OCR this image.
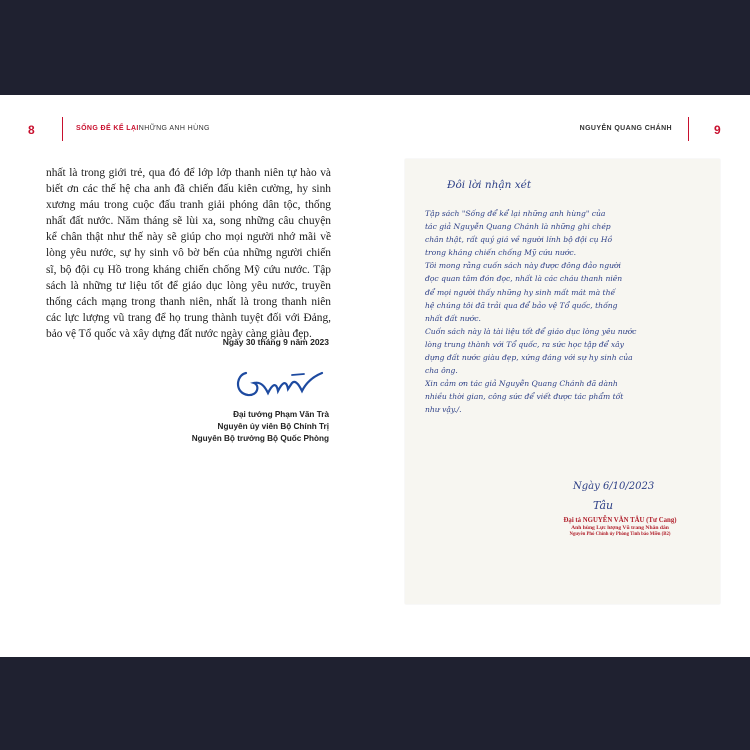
8	SỐNG ĐỂ KỂ LẠINHỮNG ANH HÙNG	NGUYỄN QUANG CHÁNH	9
nhất là trong giới trẻ, qua đó để lớp lớp thanh niên tự hào và biết ơn các thế hệ cha anh đã chiến đấu kiên cường, hy sinh xương máu trong cuộc đấu tranh giải phóng dân tộc, thống nhất đất nước. Năm tháng sẽ lùi xa, song những câu chuyện kể chân thật như thế này sẽ giúp cho mọi người nhớ mãi về lòng yêu nước, sự hy sinh vô bờ bến của những người chiến sĩ, bộ đội cụ Hồ trong kháng chiến chống Mỹ cứu nước. Tập sách là những tư liệu tốt để giáo dục lòng yêu nước, truyền thống cách mạng trong thanh niên, nhất là trong thanh niên các lực lượng vũ trang để họ trung thành tuyệt đối với Đảng, bảo vệ Tổ quốc và xây dựng đất nước ngày càng giàu đẹp.
Ngày 30 tháng 9 năm 2023
Đại tướng Phạm Văn Trà
Nguyên ủy viên Bộ Chính Trị
Nguyên Bộ trưởng Bộ Quốc Phòng
Đôi lời nhận xét
Tập sách "Sống để kể lại những anh hùng" của
tác giả Nguyễn Quang Chánh là những ghi chép
chân thật, rất quý giá về người lính bộ đội cụ Hồ
trong kháng chiến chống Mỹ cứu nước.
Tôi mong rằng cuốn sách này được đông đảo người
đọc quan tâm đón đọc, nhất là các cháu thanh niên
để mọi người thấy những hy sinh mất mát mà thế
hệ chúng tôi đã trải qua để bảo vệ Tổ quốc, thống
nhất đất nước.
Cuốn sách này là tài liệu tốt để giáo dục lòng yêu nước
lòng trung thành với Tổ quốc, ra sức học tập để xây
dựng đất nước giàu đẹp, xứng đáng với sự hy sinh của
cha ông.
Xin cảm ơn tác giả Nguyễn Quang Chánh đã dành
nhiều thời gian, công sức để viết được tác phẩm tốt
như vậy./.
Ngày 6/10/2023
Tâu
Đại tá NGUYỄN VĂN TÂU (Tư Cang)
Anh hùng Lực lượng Vũ trang Nhân dân
Nguyên Phó Chính ủy Phòng Tình báo Miền (B2)
